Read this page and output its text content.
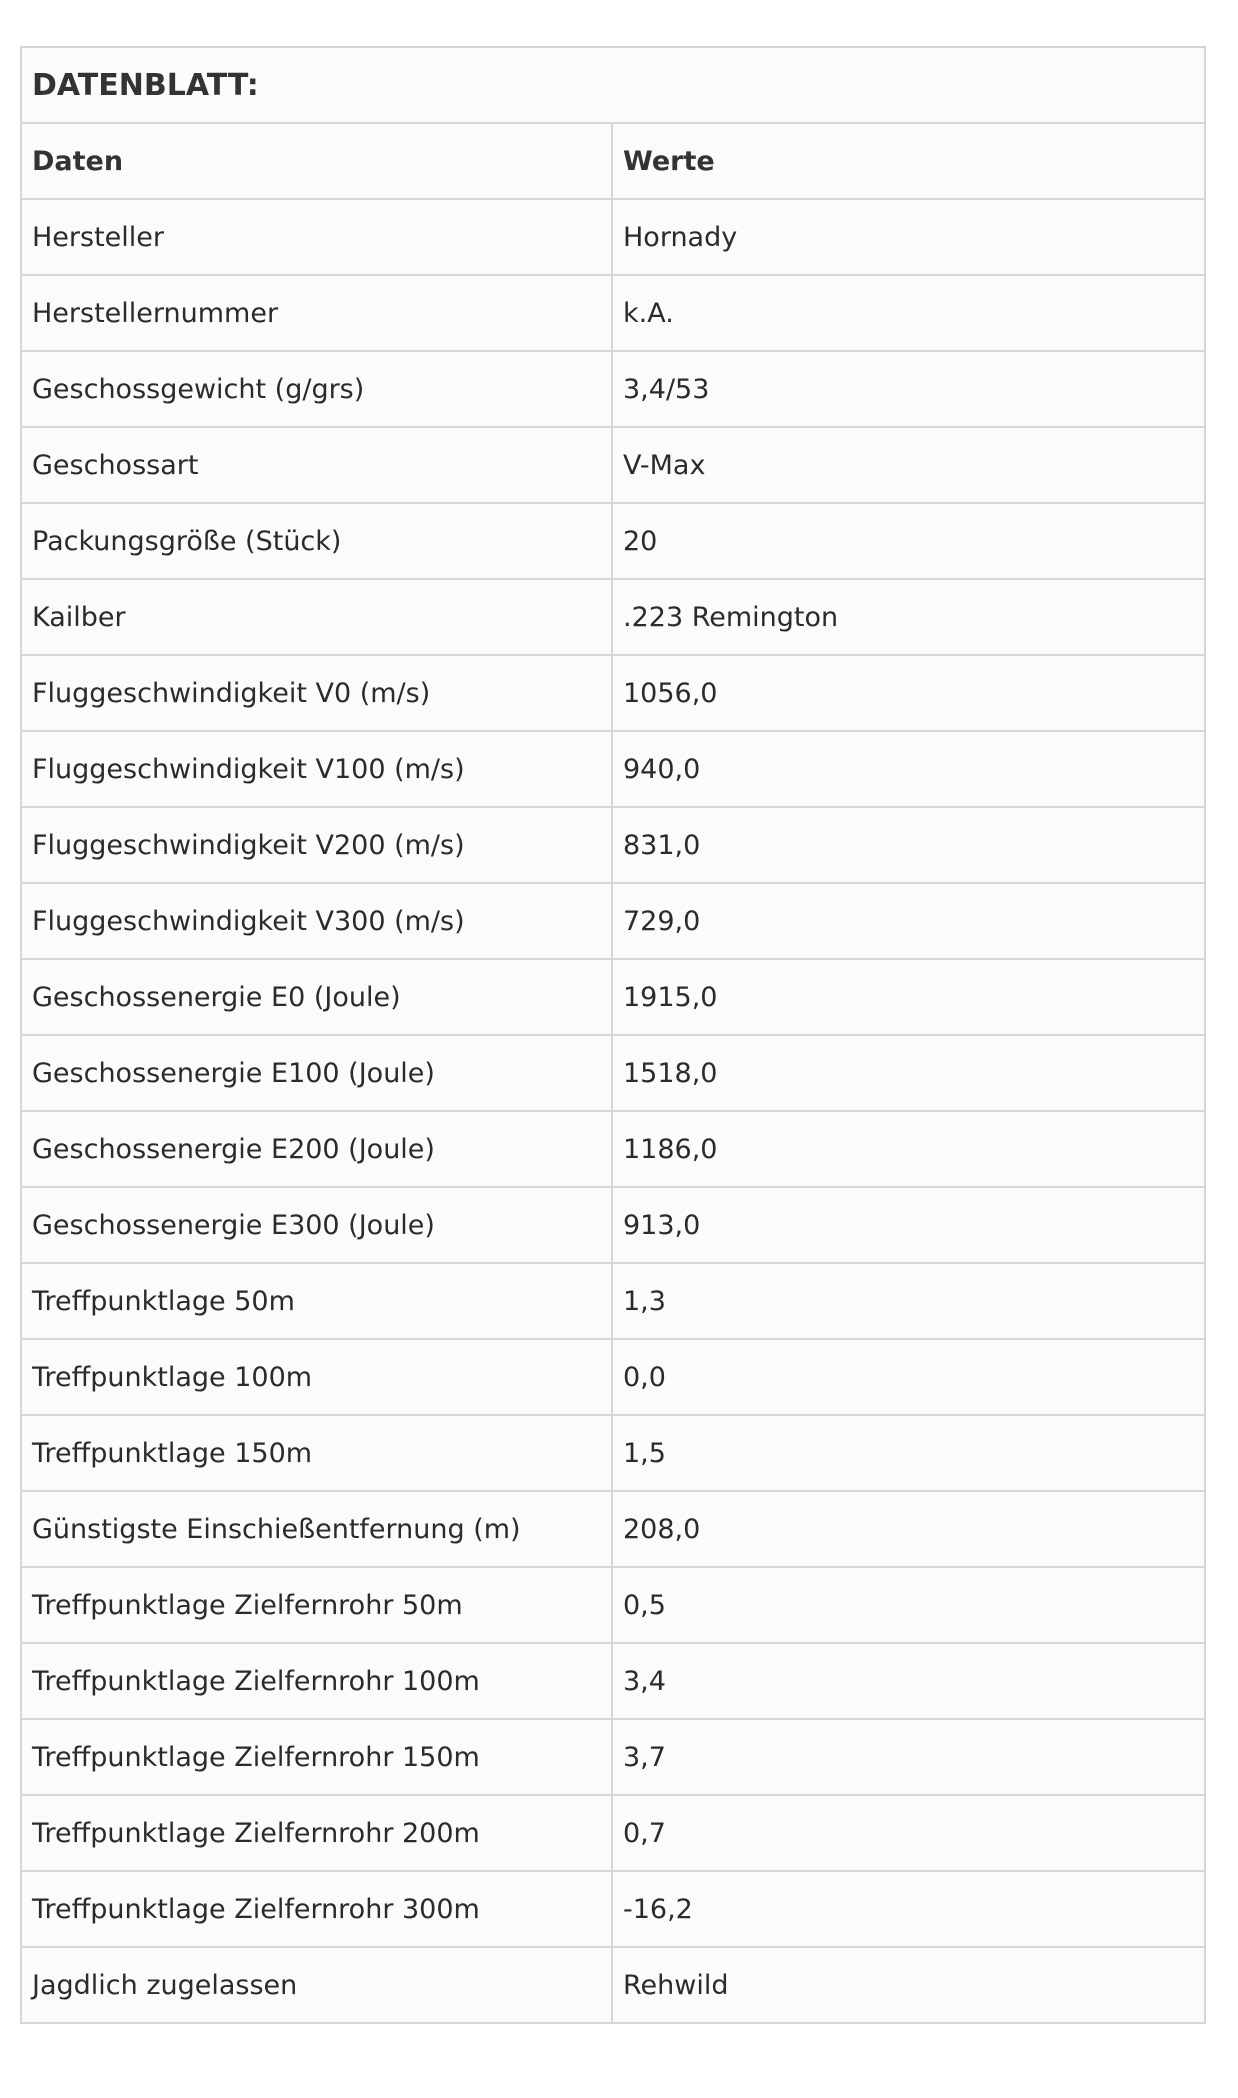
DATENBLATT:	
Daten	Werte
Hersteller	Hornady
Herstellernummer	k.A.
Geschossgewicht (g/grs)	3,4/53
Geschossart	V-Max
Packungsgröße (Stück)	20
Kailber	.223 Remington
Fluggeschwindigkeit V0 (m/s)	1056,0
Fluggeschwindigkeit V100 (m/s)	940,0
Fluggeschwindigkeit V200 (m/s)	831,0
Fluggeschwindigkeit V300 (m/s)	729,0
Geschossenergie E0 (Joule)	1915,0
Geschossenergie E100 (Joule)	1518,0
Geschossenergie E200 (Joule)	1186,0
Geschossenergie E300 (Joule)	913,0
Treffpunktlage 50m	1,3
Treffpunktlage 100m	0,0
Treffpunktlage 150m	1,5
Günstigste Einschießentfernung (m)	208,0
Treffpunktlage Zielfernrohr 50m	0,5
Treffpunktlage Zielfernrohr 100m	3,4
Treffpunktlage Zielfernrohr 150m	3,7
Treffpunktlage Zielfernrohr 200m	0,7
Treffpunktlage Zielfernrohr 300m	-16,2
Jagdlich zugelassen	Rehwild
